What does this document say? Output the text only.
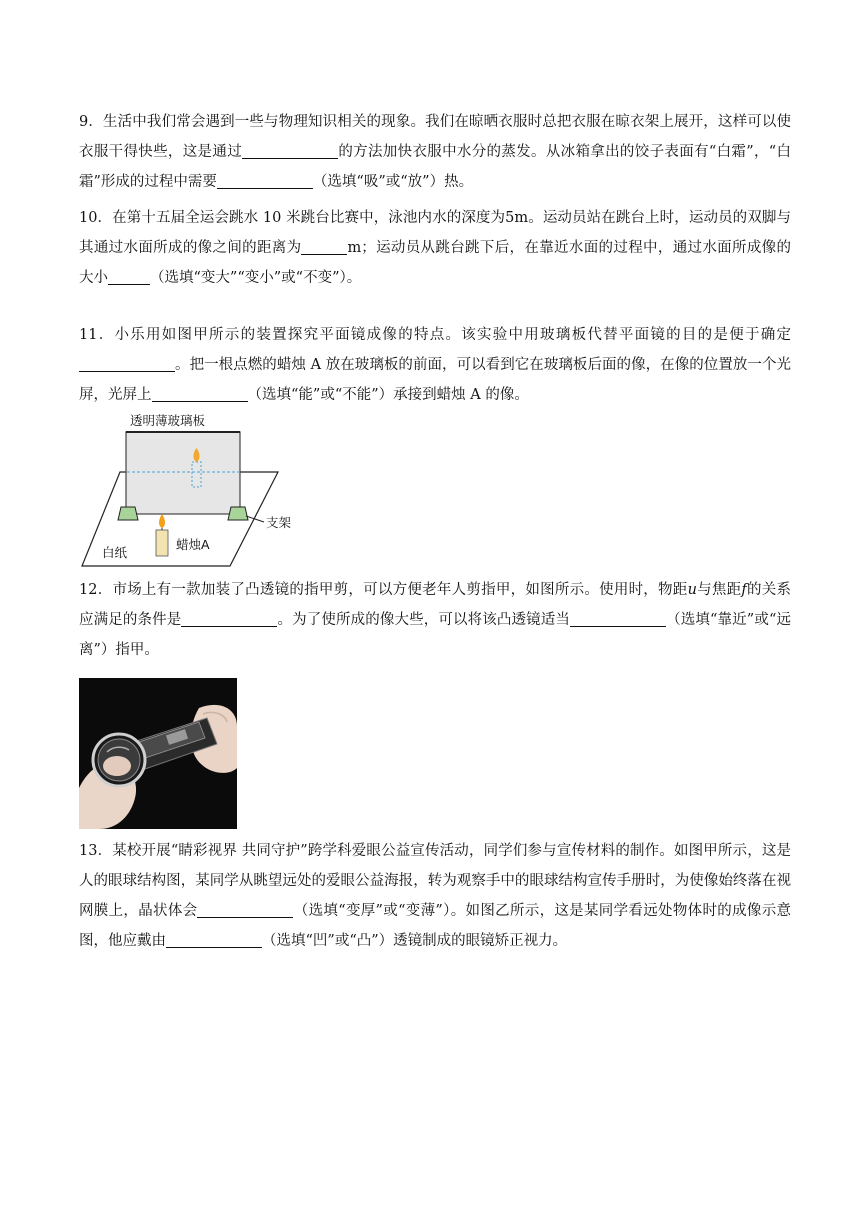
9．生活中我们常会遇到一些与物理知识相关的现象。我们在晾晒衣服时总把衣服在晾衣架上展开，这样可以使衣服干得快些，这是通过	的方法加快衣服中水分的蒸发。从冰箱拿出的饺子表面有“白霜”，“白霜”形成的过程中需要	（选填“吸”或“放”）热。

10．在第十五届全运会跳水 10 米跳台比赛中，泳池内水的深度为5m。运动员站在跳台上时，运动员的双脚与其通过水面所成的像之间的距离为	m；运动员从跳台跳下后，在靠近水面的过程中，通过水面所成像的大小	（选填“变大”“变小”或“不变”）。

11．小乐用如图甲所示的装置探究平面镜成像的特点。该实验中用玻璃板代替平面镜的目的是便于确定。把一根点燃的蜡烛 A 放在玻璃板的前面，可以看到它在玻璃板后面的像，在像的位置放一个光屏，光屏上	（选填“能”或“不能”）承接到蜡烛 A 的像。

透明薄玻璃板
支架
白纸
蜡烛A

12．市场上有一款加装了凸透镜的指甲剪，可以方便老年人剪指甲，如图所示。使用时，物距u与焦距f的关系应满足的条件是	。为了使所成的像大些，可以将该凸透镜适当	（选填“靠近”或“远离”）指甲。

13．某校开展“睛彩视界 共同守护”跨学科爱眼公益宣传活动，同学们参与宣传材料的制作。如图甲所示，这是人的眼球结构图，某同学从眺望远处的爱眼公益海报，转为观察手中的眼球结构宣传手册时，为使像始终落在视网膜上，晶状体会	（选填“变厚”或“变薄”）。如图乙所示，这是某同学看远处物体时的成像示意图，他应戴由	（选填“凹”或“凸”）透镜制成的眼镜矫正视力。
